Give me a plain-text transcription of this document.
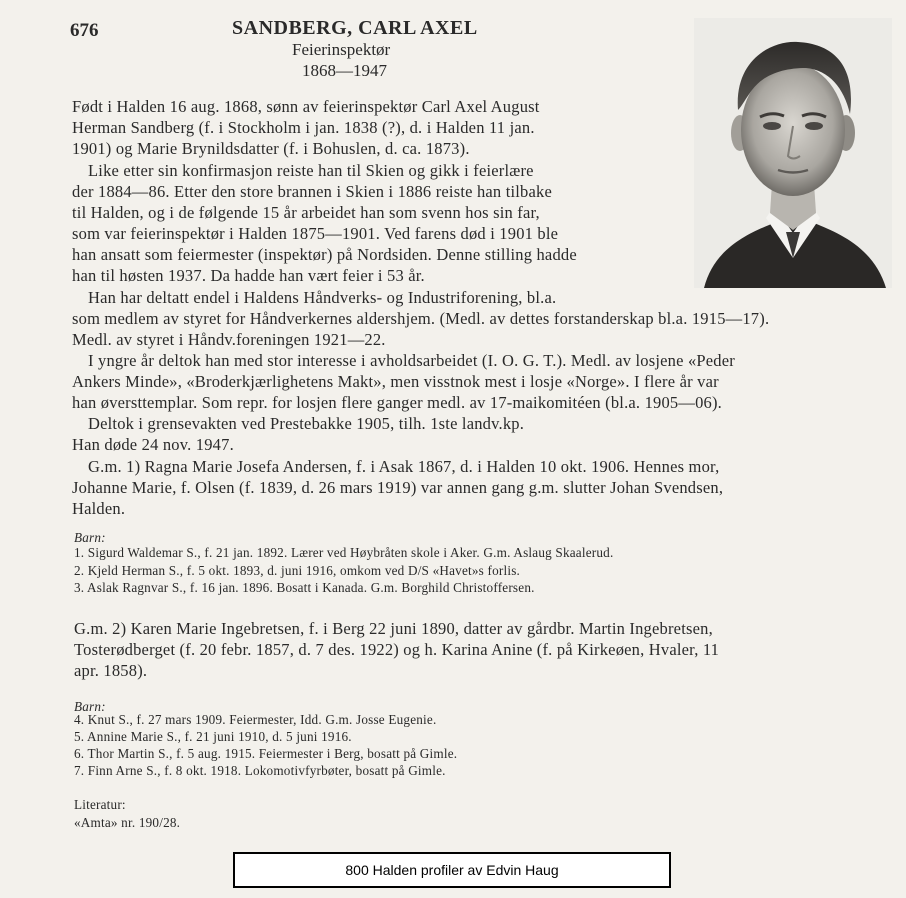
676	SANDBERG, CARL AXEL
Feierinspektør
1868—1947
Født i Halden 16 aug. 1868, sønn av feierinspektør Carl Axel August
Herman Sandberg (f. i Stockholm i jan. 1838 (?), d. i Halden 11 jan.
1901) og Marie Brynildsdatter (f. i Bohuslen, d. ca. 1873).
Like etter sin konfirmasjon reiste han til Skien og gikk i feierlære
der 1884—86. Etter den store brannen i Skien i 1886 reiste han tilbake
til Halden, og i de følgende 15 år arbeidet han som svenn hos sin far,
som var feierinspektør i Halden 1875—1901. Ved farens død i 1901 ble
han ansatt som feiermester (inspektør) på Nordsiden. Denne stilling hadde
han til høsten 1937. Da hadde han vært feier i 53 år.
Han har deltatt endel i Haldens Håndverks- og Industriforening, bl.a.
som medlem av styret for Håndverkernes aldershjem. (Medl. av dettes forstanderskap bl.a. 1915—17).
Medl. av styret i Håndv.foreningen 1921—22.
I yngre år deltok han med stor interesse i avholdsarbeidet (I. O. G. T.). Medl. av losjene «Peder
Ankers Minde», «Broderkjærlighetens Makt», men visstnok mest i losje «Norge». I flere år var
han øversttemplar. Som repr. for losjen flere ganger medl. av 17-maikomitéen (bl.a. 1905—06).
Deltok i grensevakten ved Prestebakke 1905, tilh. 1ste landv.kp.
Han døde 24 nov. 1947.
G.m. 1) Ragna Marie Josefa Andersen, f. i Asak 1867, d. i Halden 10 okt. 1906. Hennes mor,
Johanne Marie, f. Olsen (f. 1839, d. 26 mars 1919) var annen gang g.m. slutter Johan Svendsen,
Halden.
Barn:
1. Sigurd Waldemar S., f. 21 jan. 1892. Lærer ved Høybråten skole i Aker. G.m. Aslaug Skaalerud.
2. Kjeld Herman S., f. 5 okt. 1893, d. juni 1916, omkom ved D/S «Havet»s forlis.
3. Aslak Ragnvar S., f. 16 jan. 1896. Bosatt i Kanada. G.m. Borghild Christoffersen.
G.m. 2) Karen Marie Ingebretsen, f. i Berg 22 juni 1890, datter av gårdbr. Martin Ingebretsen,
Tosterødberget (f. 20 febr. 1857, d. 7 des. 1922) og h. Karina Anine (f. på Kirkeøen, Hvaler, 11
apr. 1858).
Barn:
4. Knut S., f. 27 mars 1909. Feiermester, Idd. G.m. Josse Eugenie.
5. Annine Marie S., f. 21 juni 1910, d. 5 juni 1916.
6. Thor Martin S., f. 5 aug. 1915. Feiermester i Berg, bosatt på Gimle.
7. Finn Arne S., f. 8 okt. 1918. Lokomotivfyrbøter, bosatt på Gimle.
Literatur:
«Amta» nr. 190/28.
800 Halden profiler av Edvin Haug
